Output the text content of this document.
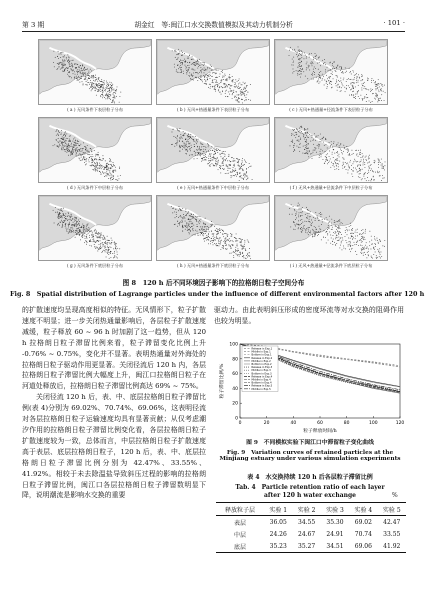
第 3 期	胡金红　等:闽江口水交换数值模拟及其动力机制分析	· 101 ·
( a ) 无风条件下表层粒子分布	( b ) 无风+热通量条件下表层粒子分布	( c ) 无风+热通量+径流条件下表层粒子分布
( d ) 无风条件下中层粒子分布	( e ) 无风+热通量条件下中层粒子分布	( f ) 无风+热通量+径流条件下中层粒子分布
( g ) 无风条件下底层粒子分布	( h ) 无风+热通量条件下底层粒子分布	( i ) 无风+热通量+径流条件下底层粒子分布
图 8　120 h 后不同环境因子影响下的拉格朗日粒子空间分布
Fig. 8　Spatial distribution of Lagrange particles under the influence of different environmental factors after 120 h

的扩散速度均呈现高度相似的特征。无风情形下，粒子扩散速度不明显；进一步关闭热通量影响后，各层粒子扩散速度减缓，粒子释放 60 ~ 96 h 时加剧了这一趋势，但从 120 h 拉格朗日粒子滞留比例来看，粒子滞留变化比例上升 -0.76% ~ 0.75%，变化并不显著。表明热通量对外海处的拉格朗日粒子驱动作用更显著。关闭径流后 120 h 内，各层拉格朗日粒子滞留比例大幅度上升，闽江口拉格朗日粒子在河道处释放后，拉格朗日粒子滞留比例高达 69% ~ 75%。

关闭径流 120 h 后，表、中、底层拉格朗日粒子滞留比例(表 4)分别为 69.02%、70.74%、69.06%，这表明径流对各层拉格朗日粒子运输速度均具有显著贡献；从仅考虑潮汐作用的拉格朗日粒子滞留比例变化看，各层拉格朗日粒子扩散速度较为一致，总体而言，中层拉格朗日粒子扩散速度高于表层、底层拉格朗日粒子，120 h 后，表、中、底层拉格朗日粒子滞留比例分别为 42.47%、33.55%、41.92%。相较于未去除温盐导致斜压过程的影响的拉格朗日粒子滞留比例，闽江口各层拉格朗日粒子滞留数明显下降，说明潮流是影响水交换的重要

驱动力。由此表明斜压形成的密度环流等对水交换的阻碍作用也较为明显。

0	20	40	60	80	100	120
0
20
40
60
80
100
粒子释放时间/h
粒子滞留比例/%
Release in Exp.1
Middle in Exp.1
Bottom in Exp.1
Release in Exp.2
Middle in Exp.2
Bottom in Exp.2
Release in Exp.3
Middle in Exp.3
Bottom in Exp.3
Release in Exp.4
Middle in Exp.4
Bottom in Exp.4
Release in Exp.5
Middle in Exp.5
图 9　不同模拟实验下闽江口中滞留粒子变化曲线
Fig. 9　Variation curves of retained particles at the
Minjiang estuary under various simulation experiments
表 4　水交换持续 120 h 后各层粒子滞留比例
Tab. 4　Particle retention ratio of each layer
after 120 h water exchange	%
释放粒子层	实验 1	实验 2	实验 3	实验 4	实验 5
表层	36.05	34.55	35.30	69.02	42.47
中层	24.26	24.67	24.91	70.74	33.55
底层	35.23	35.27	34.51	69.06	41.92
